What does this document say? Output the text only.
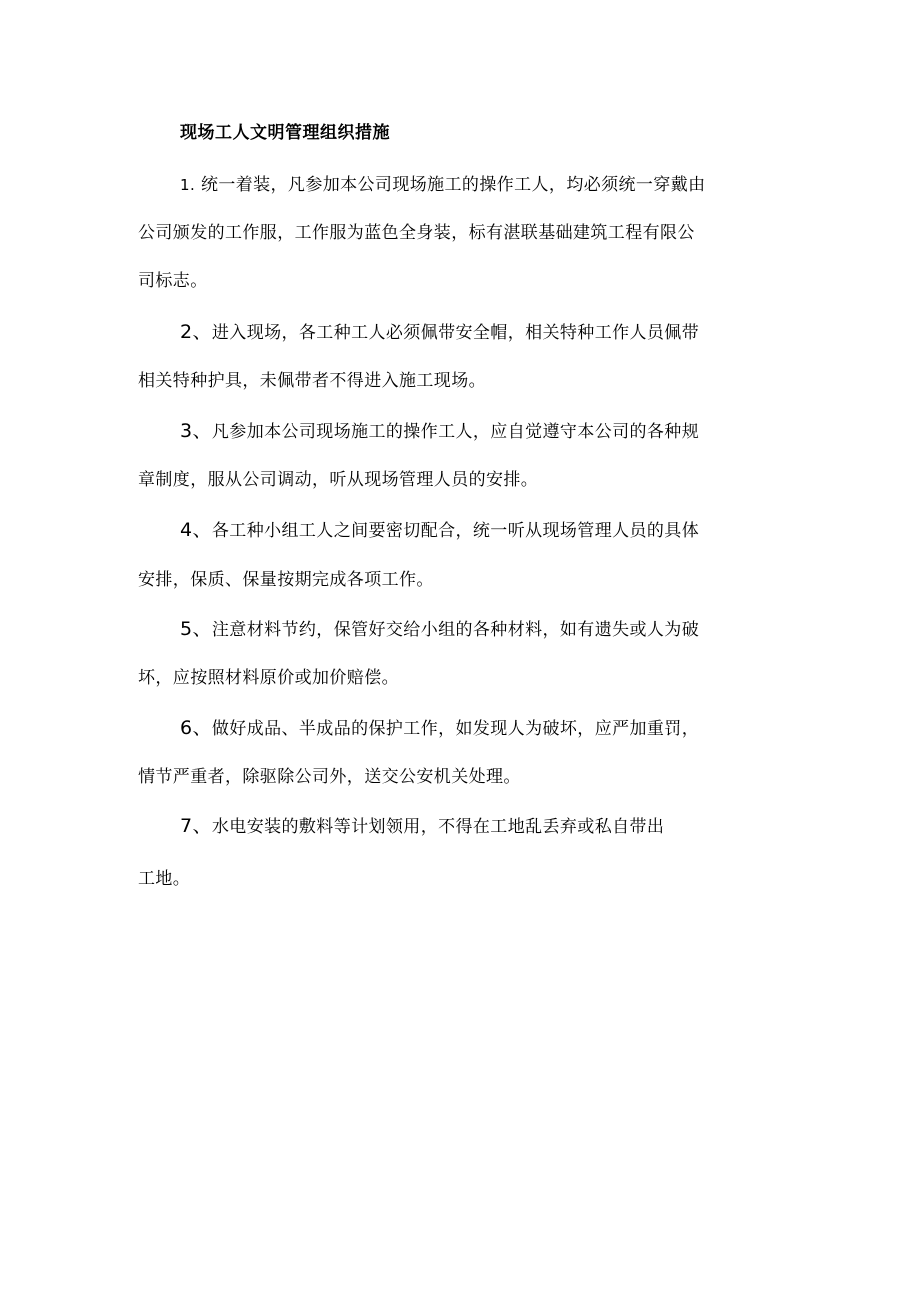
现场工人文明管理组织措施

1. 统一着装，凡参加本公司现场施工的操作工人，均必须统一穿戴由

公司颁发的工作服，工作服为蓝色全身装，标有湛联基础建筑工程有限公

司标志。

2、进入现场，各工种工人必须佩带安全帽，相关特种工作人员佩带

相关特种护具，未佩带者不得进入施工现场。

3、凡参加本公司现场施工的操作工人，应自觉遵守本公司的各种规

章制度，服从公司调动，听从现场管理人员的安排。

4、各工种小组工人之间要密切配合，统一听从现场管理人员的具体

安排，保质、保量按期完成各项工作。

5、注意材料节约，保管好交给小组的各种材料，如有遗失或人为破

坏，应按照材料原价或加价赔偿。

6、做好成品、半成品的保护工作，如发现人为破坏，应严加重罚，

情节严重者，除驱除公司外，送交公安机关处理。

7、水电安装的敷料等计划领用，不得在工地乱丢弃或私自带出

工地。
